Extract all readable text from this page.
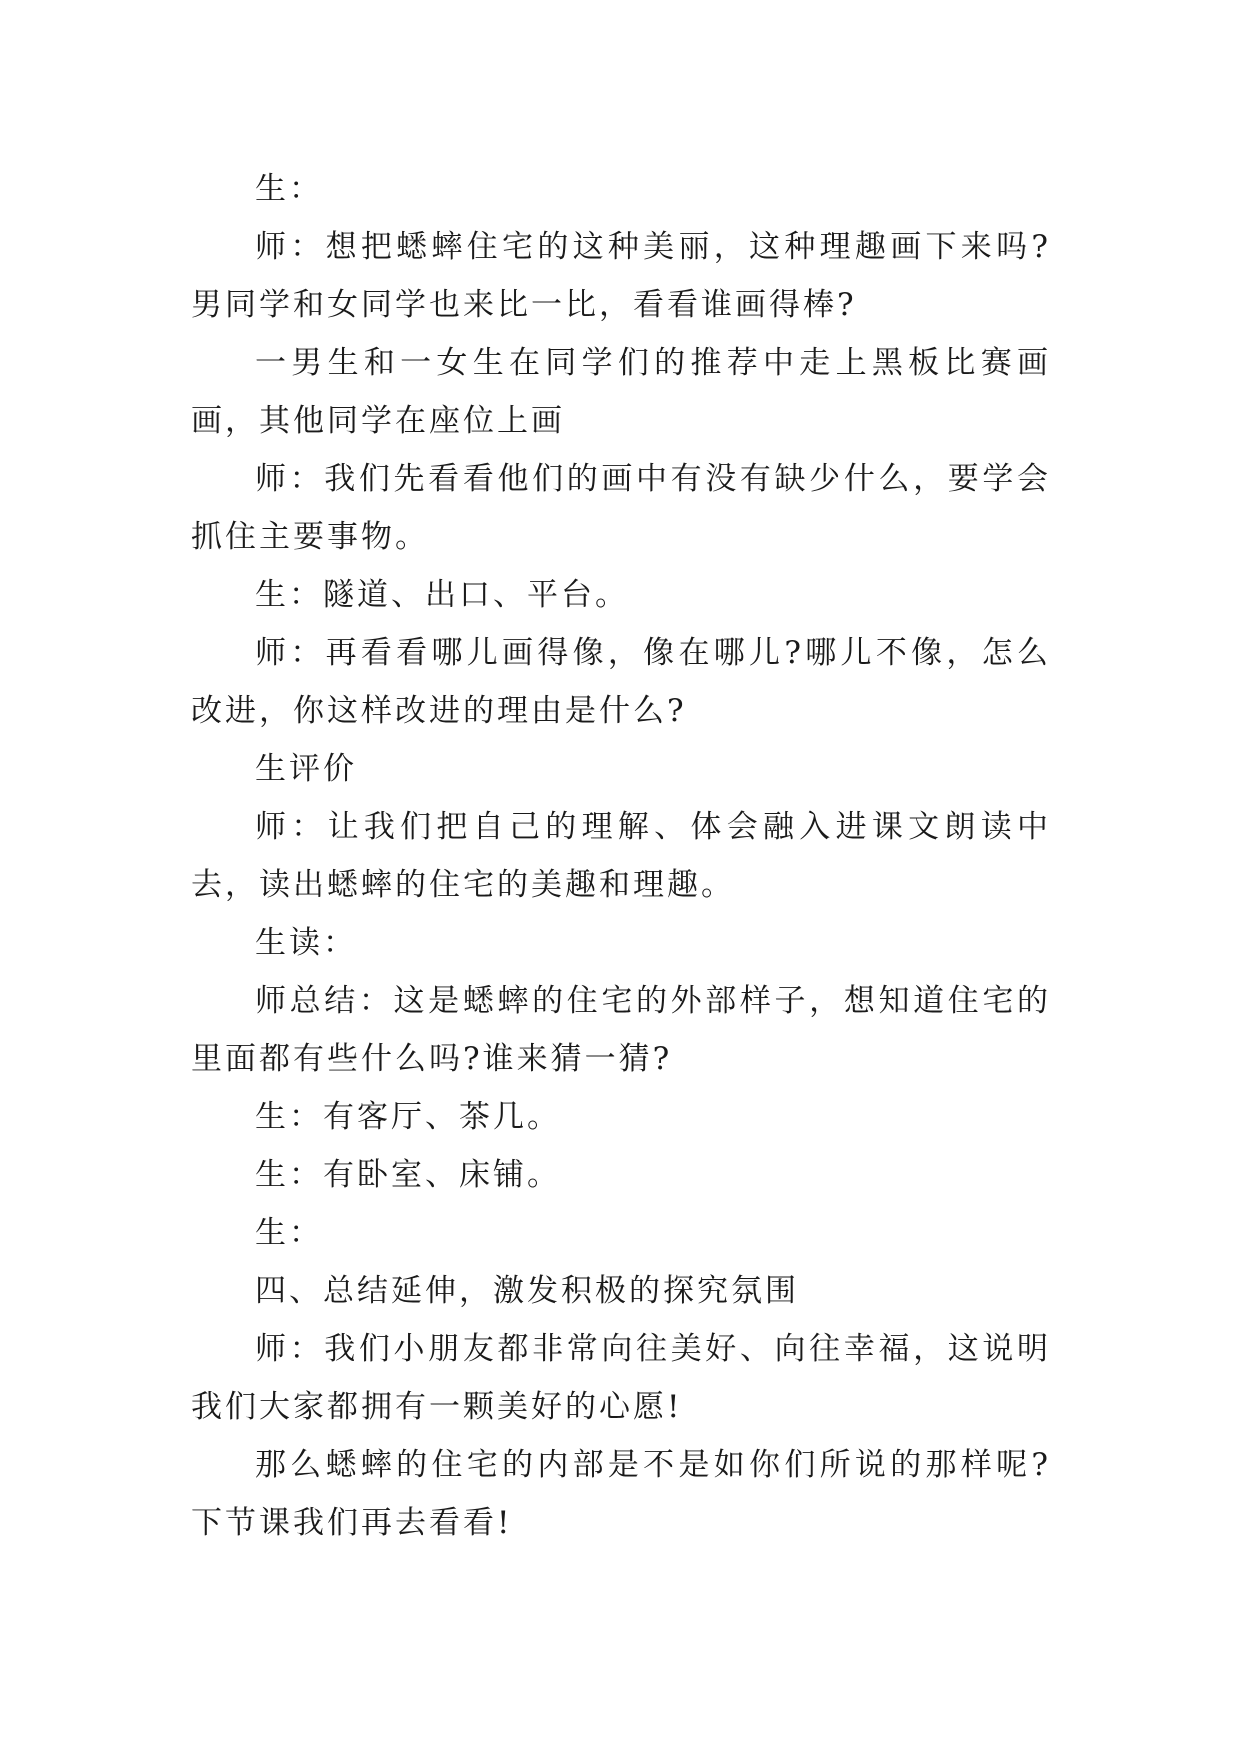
生：

师：想把蟋蟀住宅的这种美丽，这种理趣画下来吗?男同学和女同学也来比一比，看看谁画得棒?

一男生和一女生在同学们的推荐中走上黑板比赛画画，其他同学在座位上画

师：我们先看看他们的画中有没有缺少什么，要学会抓住主要事物。

生：隧道、出口、平台。

师：再看看哪儿画得像，像在哪儿?哪儿不像，怎么改进，你这样改进的理由是什么?

生评价

师：让我们把自己的理解、体会融入进课文朗读中去，读出蟋蟀的住宅的美趣和理趣。

生读：

师总结：这是蟋蟀的住宅的外部样子，想知道住宅的里面都有些什么吗?谁来猜一猜?

生：有客厅、茶几。

生：有卧室、床铺。

生：

四、总结延伸，激发积极的探究氛围

师：我们小朋友都非常向往美好、向往幸福，这说明我们大家都拥有一颗美好的心愿!

那么蟋蟀的住宅的内部是不是如你们所说的那样呢?下节课我们再去看看!
